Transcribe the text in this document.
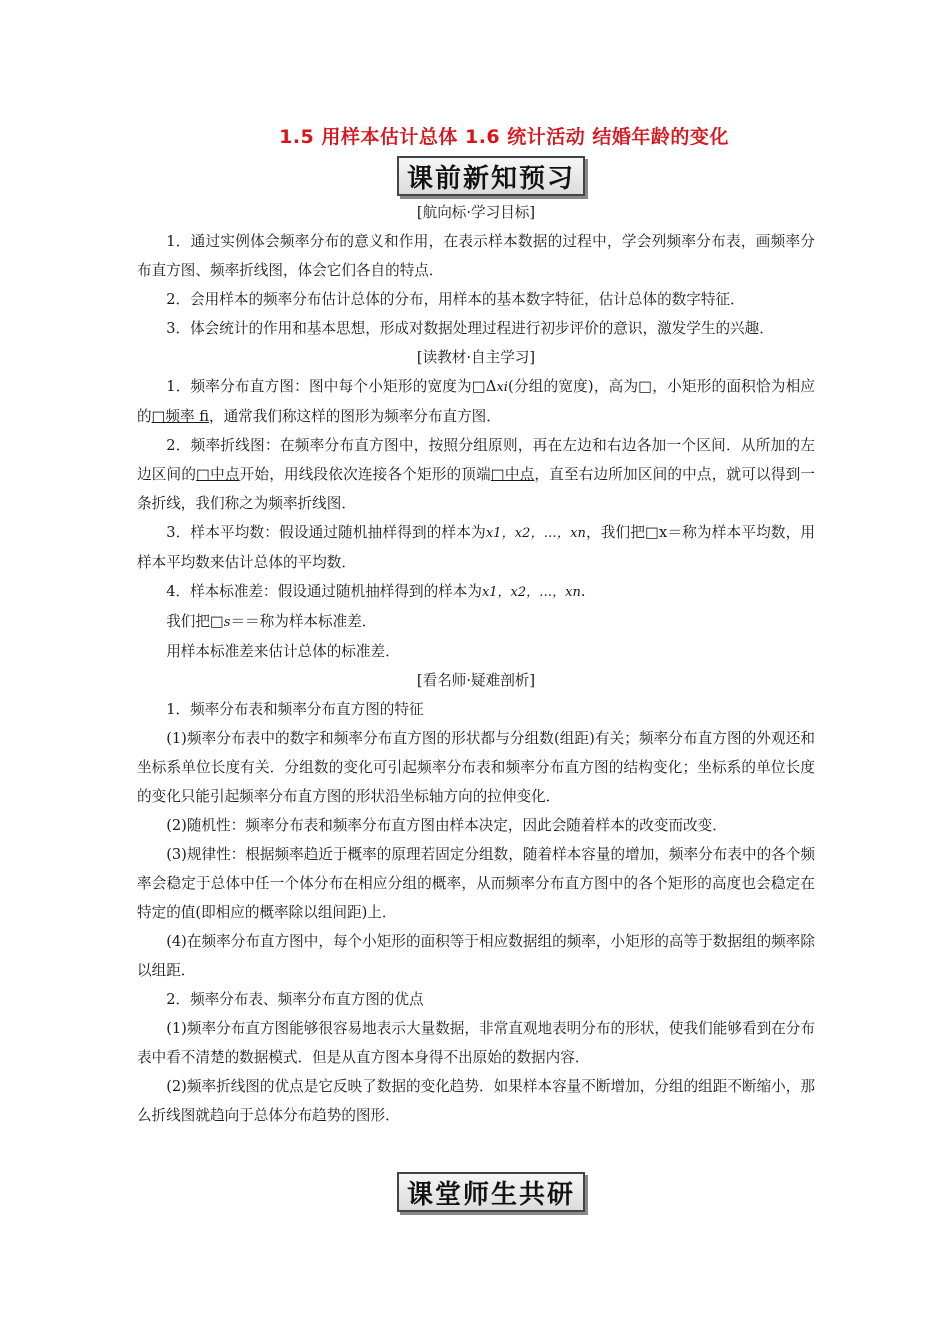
1.5 用样本估计总体 1.6 统计活动 结婚年龄的变化
课前新知预习

[航向标·学习目标]

1．通过实例体会频率分布的意义和作用，在表示样本数据的过程中，学会列频率分布表，画频率分布直方图、频率折线图，体会它们各自的特点．

2．会用样本的频率分布估计总体的分布，用样本的基本数字特征，估计总体的数字特征．

3．体会统计的作用和基本思想，形成对数据处理过程进行初步评价的意识，激发学生的兴趣．

[读教材·自主学习]

1．频率分布直方图：图中每个小矩形的宽度为□Δxi(分组的宽度)，高为□，小矩形的面积恰为相应的□频率 fi，通常我们称这样的图形为频率分布直方图．

2．频率折线图：在频率分布直方图中，按照分组原则，再在左边和右边各加一个区间．从所加的左边区间的□中点开始，用线段依次连接各个矩形的顶端□中点，直至右边所加区间的中点，就可以得到一条折线，我们称之为频率折线图．

3．样本平均数：假设通过随机抽样得到的样本为x1，x2，…，xn，我们把□x＝称为样本平均数，用样本平均数来估计总体的平均数．

4．样本标准差：假设通过随机抽样得到的样本为x1，x2，…，xn.

我们把□s＝＝称为样本标准差．

用样本标准差来估计总体的标准差．

[看名师·疑难剖析]

1．频率分布表和频率分布直方图的特征

(1)频率分布表中的数字和频率分布直方图的形状都与分组数(组距)有关；频率分布直方图的外观还和坐标系单位长度有关．分组数的变化可引起频率分布表和频率分布直方图的结构变化；坐标系的单位长度的变化只能引起频率分布直方图的形状沿坐标轴方向的拉伸变化．

(2)随机性：频率分布表和频率分布直方图由样本决定，因此会随着样本的改变而改变．

(3)规律性：根据频率趋近于概率的原理若固定分组数，随着样本容量的增加，频率分布表中的各个频率会稳定于总体中任一个体分布在相应分组的概率，从而频率分布直方图中的各个矩形的高度也会稳定在特定的值(即相应的概率除以组间距)上．

(4)在频率分布直方图中，每个小矩形的面积等于相应数据组的频率，小矩形的高等于数据组的频率除以组距．

2．频率分布表、频率分布直方图的优点

(1)频率分布直方图能够很容易地表示大量数据，非常直观地表明分布的形状，使我们能够看到在分布表中看不清楚的数据模式．但是从直方图本身得不出原始的数据内容．

(2)频率折线图的优点是它反映了数据的变化趋势．如果样本容量不断增加，分组的组距不断缩小，那么折线图就趋向于总体分布趋势的图形．

课堂师生共研
